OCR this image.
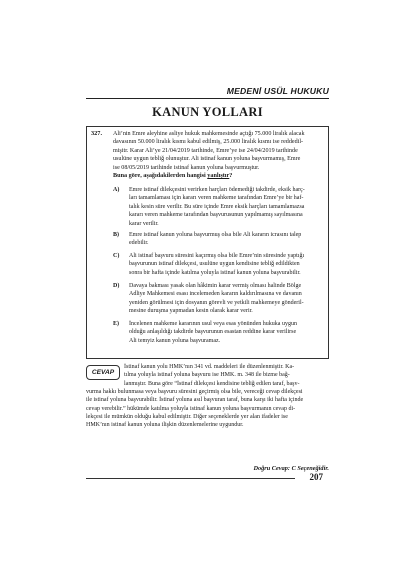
MEDENİ USÜL HUKUKU
KANUN YOLLARI
327. Ali’nin Emre aleyhine asliye hukuk mahkemesinde açtığı 75.000 liralık alacak
davasının 50.000 liralık kısmı kabul edilmiş, 25.000 liralık kısmı ise reddedil-
mişitr. Karar Ali’ye 21/04/2019 tarihinde, Emre’ye ise 24/04/2019 tarihinde
usulüne uygun tebliğ olunuştur. Ali istinaf kanun yoluna başvurmamış, Emre
ise 08/05/2019 tarihinde istinaf kanun yoluna başvurmuştur.
Buna göre, aşağıdakilerden hangisi yanlıştır?
A) Emre istinaf dilekçesini verirken harçları ödemediği takdirde, eksik harç-
ları tamamlaması için kararı veren mahkeme tarafından Emre’ye bir haf-
talık kesin süre verilir. Bu süre içinde Emre eksik harçları tamamlamazsa
kararı veren mahkeme tarafından başvurusunun yapılmamış sayılmasına
karar verilir.
B) Emre istinaf kanun yoluna başvurmuş olsa bile Ali kararın icrasını talep
edebilir.
C) Ali istinaf başvuru süresini kaçırmış olsa bile Emre’nin süresinde yaptığı
başvurunun istinaf dilekçesi, usulüne uygun kendisine tebliğ edildikten
sonra bir hafta içinde katılma yoluyla istinaf kanun yoluna başvurabilir.
D) Davaya bakması yasak olan hâkimin karar vermiş olması halinde Bölge
Adliye Mahkemesi esası incelemeden kararın kaldırılmasına ve davanın
yeniden görülmesi için dosyanın görevli ve yetkili mahkemeye gönderil-
mesine duruşma yapmadan kesin olarak karar verir.
E) İncelenen mahkeme kararının usul veya esas yönünden hukuka uygun
olduğu anlaşıldığı takdirde başvurunun esastan reddine karar verilirse
Ali temyiz kanun yoluna başvuramaz.
CEVAP
İstinaf kanun yolu HMK’nın 341 vd. maddeleri ile düzenlenmiştir. Ka-
tılma yoluyla istinaf yoluna başvuru ise HMK. m. 348 ile bizme bağ-
lanmıştır. Buna göre “İstinaf dilekçesi kendisine tebliğ edilen taraf, başv-
vurma hakkı bulunmasa veya başvuru süresini geçirmiş olsa bile, vereceği cevap dilekçesi
ile istinaf yoluna başvurabilir. İstinaf yoluna asıl başvuran taraf, buna karşı iki hafta içinde
cevap verebilir.” hükümde katılma yoluyla istinaf kanun yoluna başvurmanın cevap di-
lekçesi ile mümkün olduğu kabul edilmiştir. Diğer seçeneklerde yer alan ifadeler ise
HMK’nın istinaf kanun yoluna ilişkin düzenlemelerine uygundur.
Doğru Cevap: C Seçeneğidir.
207
